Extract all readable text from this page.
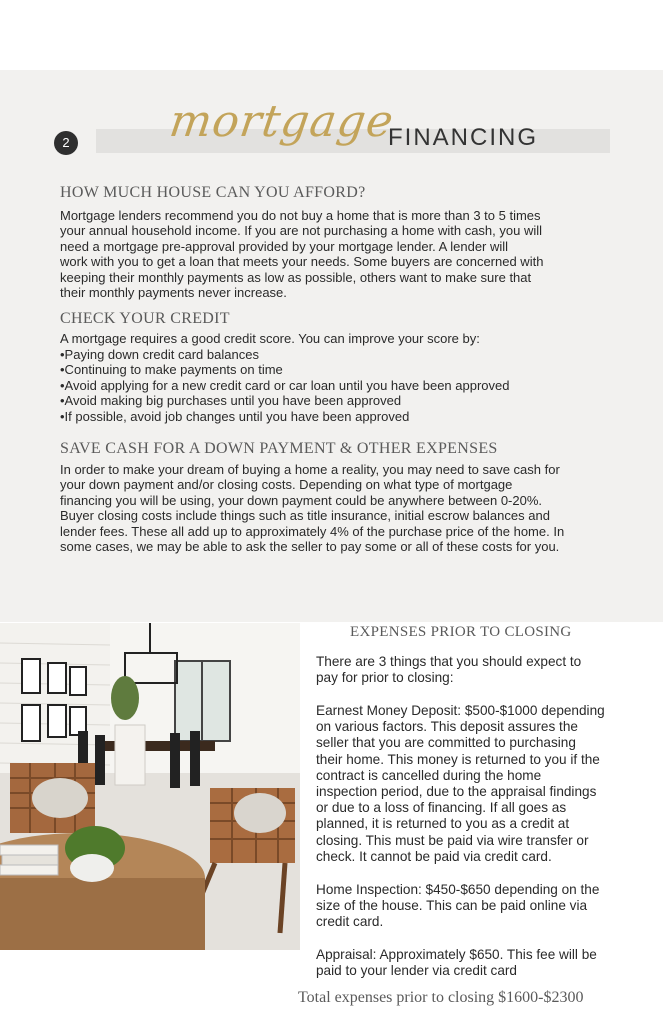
2 mortgage
FINANCING
HOW MUCH HOUSE CAN YOU AFFORD?
Mortgage lenders recommend you do not buy a home that is more than 3 to 5 times
your annual household income. If you are not purchasing a home with cash, you will
need a mortgage pre-approval provided by your mortgage lender. A lender will
work with you to get a loan that meets your needs. Some buyers are concerned with
keeping their monthly payments as low as possible, others want to make sure that
their monthly payments never increase.
CHECK YOUR CREDIT
A mortgage requires a good credit score. You can improve your score by:
•Paying down credit card balances
•Continuing to make payments on time
•Avoid applying for a new credit card or car loan until you have been approved
•Avoid making big purchases until you have been approved
•If possible, avoid job changes until you have been approved
SAVE CASH FOR A DOWN PAYMENT & OTHER EXPENSES
In order to make your dream of buying a home a reality, you may need to save cash for
your down payment and/or closing costs. Depending on what type of mortgage
financing you will be using, your down payment could be anywhere between 0-20%.
Buyer closing costs include things such as title insurance, initial escrow balances and
lender fees. These all add up to approximately 4% of the purchase price of the home. In
some cases, we may be able to ask the seller to pay some or all of these costs for you.
EXPENSES PRIOR TO CLOSING
There are 3 things that you should expect to
pay for prior to closing:
Earnest Money Deposit: $500-$1000 depending
on various factors. This deposit assures the
seller that you are committed to purchasing
their home. This money is returned to you if the
contract is cancelled during the home
inspection period, due to the appraisal findings
or due to a loss of financing. If all goes as
planned, it is returned to you as a credit at
closing. This must be paid via wire transfer or
check. It cannot be paid via credit card.
Home Inspection: $450-$650 depending on the
size of the house. This can be paid online via
credit card.
Appraisal: Approximately $650. This fee will be
paid to your lender via credit card
Total expenses prior to closing $1600-$2300
